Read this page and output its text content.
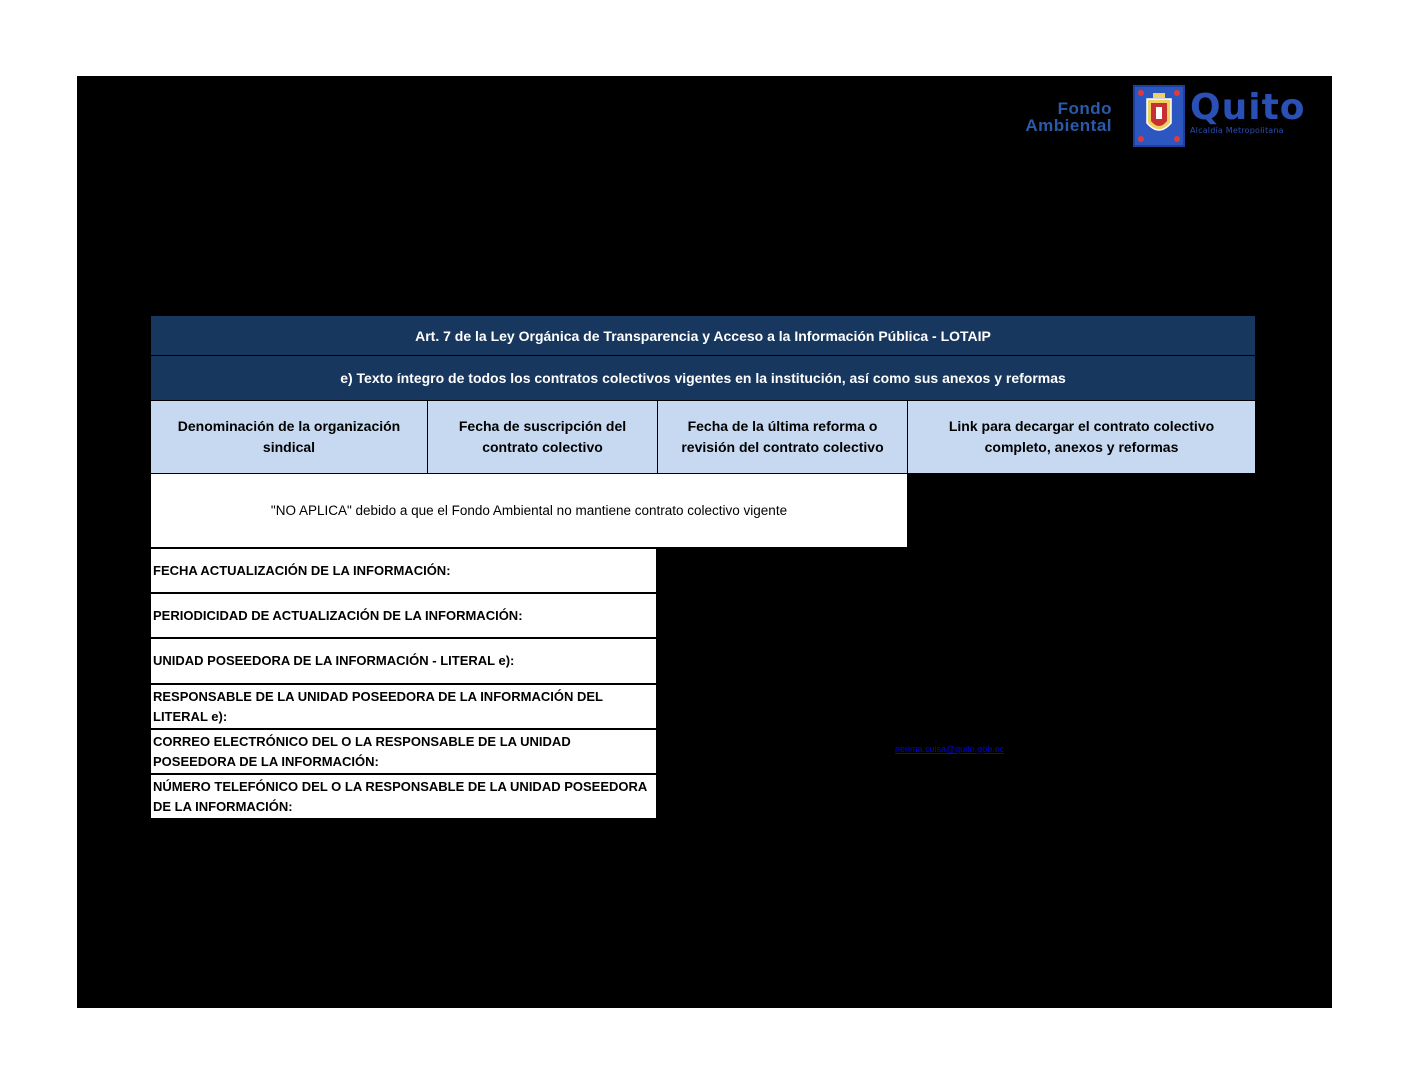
Fondo
Ambiental Quito
Alcaldía Metropolitana
Art. 7 de la Ley Orgánica de Transparencia y Acceso a la Información Pública - LOTAIP
e) Texto íntegro de todos los contratos colectivos vigentes en la institución, así como sus anexos y reformas
Denominación de la organización sindical
Fecha de suscripción del contrato colectivo
Fecha de la última reforma o revisión del contrato colectivo
Link para decargar el contrato colectivo completo, anexos y reformas
"NO APLICA" debido a que el Fondo Ambiental no mantiene contrato colectivo vigente
FECHA ACTUALIZACIÓN DE LA INFORMACIÓN:
PERIODICIDAD DE ACTUALIZACIÓN DE LA INFORMACIÓN:
UNIDAD POSEEDORA DE LA INFORMACIÓN - LITERAL e):
RESPONSABLE DE LA UNIDAD POSEEDORA DE LA INFORMACIÓN DEL LITERAL e):
CORREO ELECTRÓNICO DEL O LA RESPONSABLE DE LA UNIDAD POSEEDORA DE LA INFORMACIÓN:
NÚMERO TELEFÓNICO DEL O LA RESPONSABLE DE LA UNIDAD POSEEDORA DE LA INFORMACIÓN:
nerima.cuisa@quito.gob.ec
